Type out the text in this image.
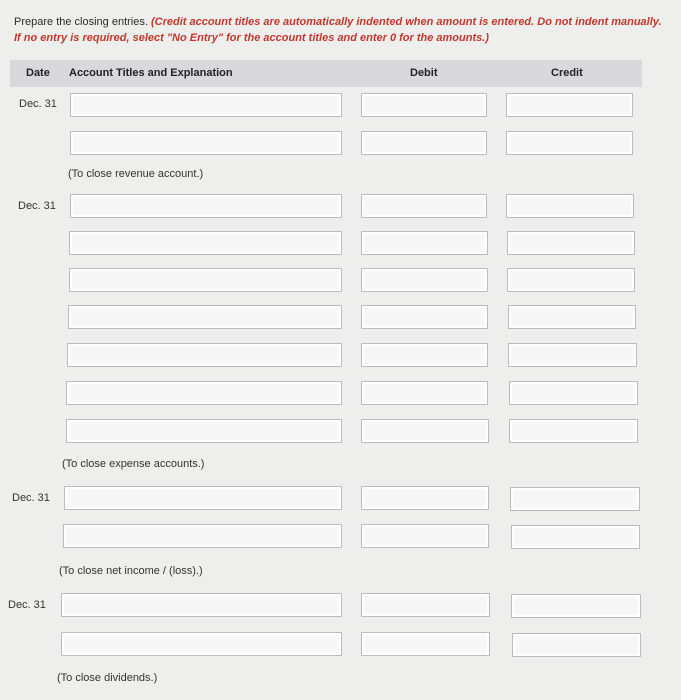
Prepare the closing entries. (Credit account titles are automatically indented when amount is entered. Do not indent manually. If no entry is required, select "No Entry" for the account titles and enter 0 for the amounts.)
Date Account Titles and Explanation	Debit	Credit
Dec. 31
(To close revenue account.)
Dec. 31
(To close expense accounts.)
Dec. 31
(To close net income / (loss).)
Dec. 31
(To close dividends.)
